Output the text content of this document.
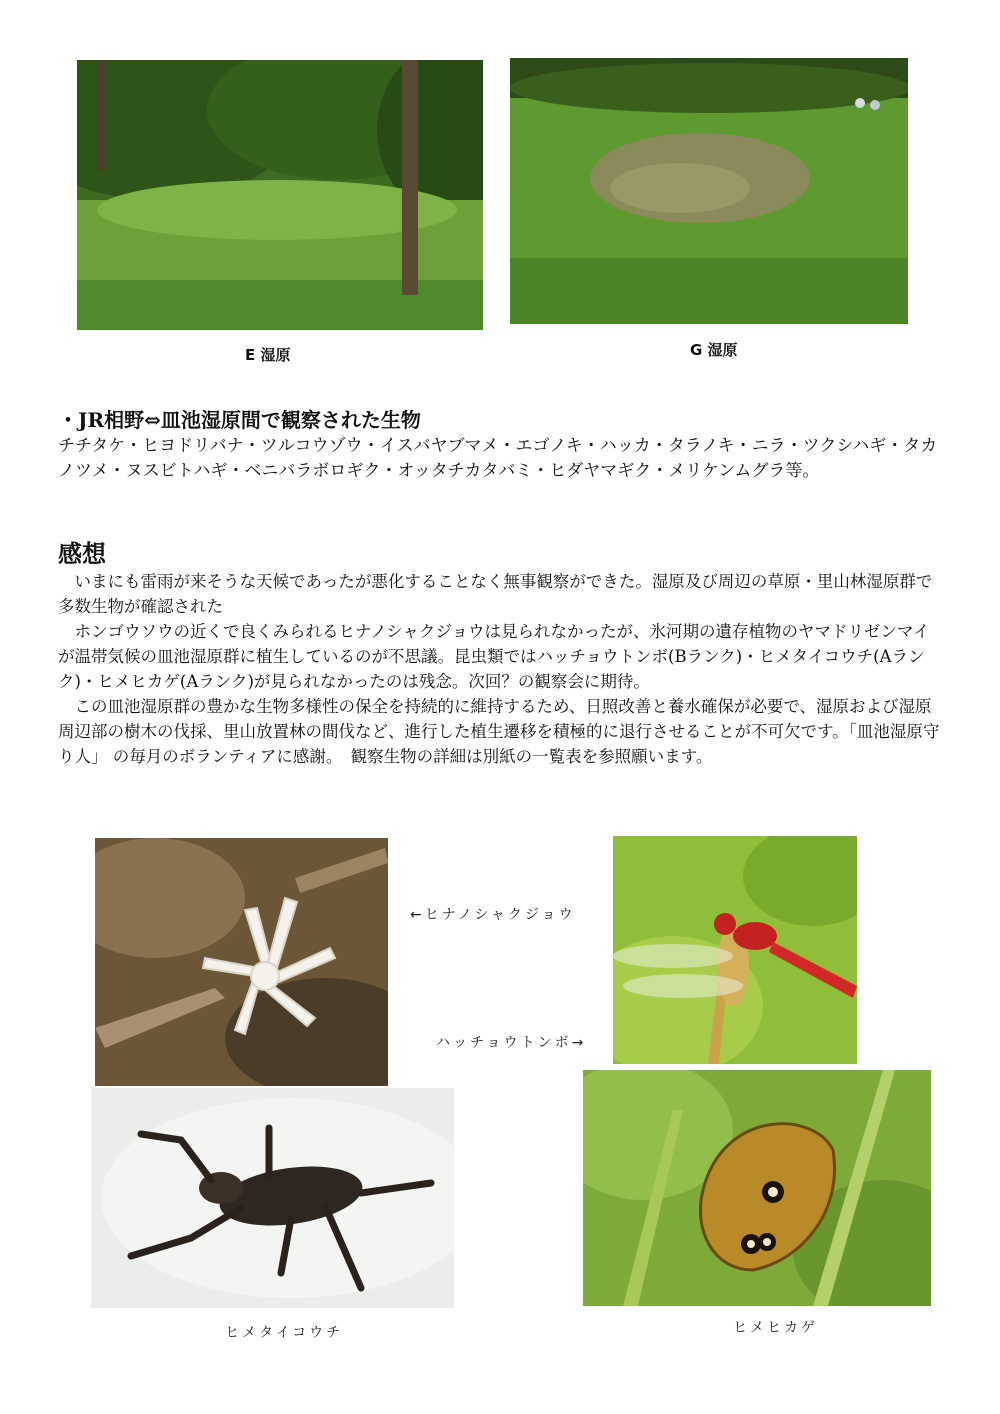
E 湿原	G 湿原
・JR相野⇔皿池湿原間で観察された生物
チチタケ・ヒヨドリバナ・ツルコウゾウ・イスバヤブマメ・エゴノキ・ハッカ・タラノキ・ニラ・ツクシハギ・タカノツメ・ヌスビトハギ・ベニバラボロギク・オッタチカタバミ・ヒダヤマギク・メリケンムグラ等。
感想

いまにも雷雨が来そうな天候であったが悪化することなく無事観察ができた。湿原及び周辺の草原・里山林湿原群で多数生物が確認された

ホンゴウソウの近くで良くみられるヒナノシャクジョウは見られなかったが、氷河期の遺存植物のヤマドリゼンマイが温帯気候の皿池湿原群に植生しているのが不思議。昆虫類ではハッチョウトンボ(Bランク)・ヒメタイコウチ(Aランク)・ヒメヒカゲ(Aランク)が見られなかったのは残念。次回？の観察会に期待。

この皿池湿原群の豊かな生物多様性の保全を持続的に維持するため、日照改善と養水確保が必要で、湿原および湿原周辺部の樹木の伐採、里山放置林の間伐など、進行した植生遷移を積極的に退行させることが不可欠です。「皿池湿原守り人」 の毎月のボランティアに感謝。　観察生物の詳細は別紙の一覧表を参照願います。

←ヒナノシャクジョウ
ハッチョウトンボ→
ヒメタイコウチ	ヒメヒカゲ
